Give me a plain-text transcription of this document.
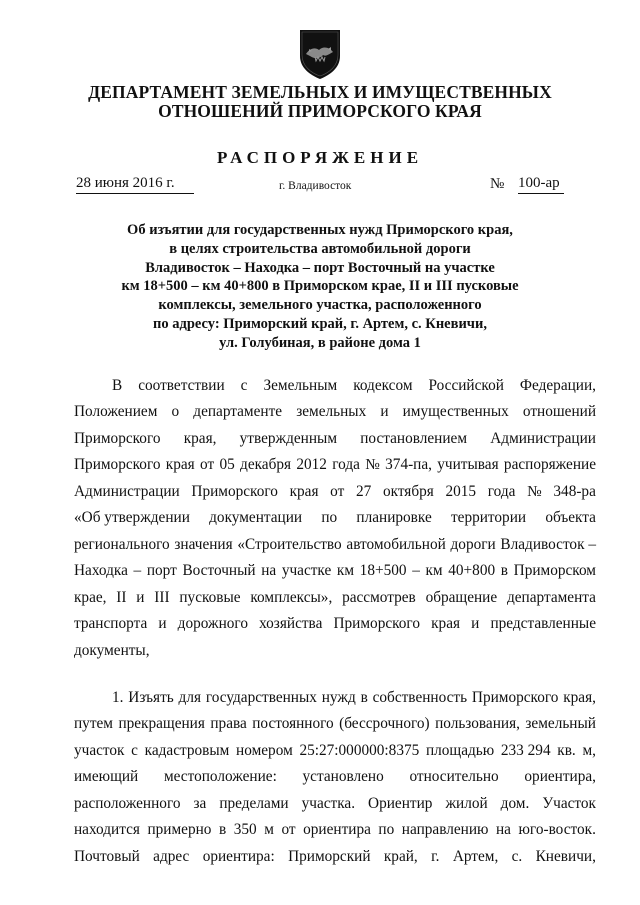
ДЕПАРТАМЕНТ ЗЕМЕЛЬНЫХ И ИМУЩЕСТВЕННЫХ
ОТНОШЕНИЙ ПРИМОРСКОГО КРАЯ
РАСПОРЯЖЕНИЕ
28 июня 2016 г.	г. Владивосток	№ 100-ар
Об изъятии для государственных нужд Приморского края,
в целях строительства автомобильной дороги
Владивосток – Находка – порт Восточный на участке
км 18+500 – км 40+800 в Приморском крае, II и III пусковые
комплексы, земельного участка, расположенного
по адресу: Приморский край, г. Артем, с. Кневичи,
ул. Голубиная, в районе дома 1
В соответствии с Земельным кодексом Российской Федерации,
Положением о департаменте земельных и имущественных отношений
Приморского края, утвержденным постановлением Администрации
Приморского края от 05 декабря 2012 года № 374-па, учитывая распоряжение
Администрации Приморского края от 27 октября 2015 года № 348-ра
«Об утверждении документации по планировке территории объекта
регионального значения «Строительство автомобильной дороги Владивосток –
Находка – порт Восточный на участке км 18+500 – км 40+800 в Приморском
крае, II и III пусковые комплексы», рассмотрев обращение департамента
транспорта и дорожного хозяйства Приморского края и представленные
документы,
1. Изъять для государственных нужд в собственность Приморского края,
путем прекращения права постоянного (бессрочного) пользования, земельный
участок с кадастровым номером 25:27:000000:8375 площадью 233 294 кв. м,
имеющий местоположение: установлено относительно ориентира,
расположенного за пределами участка. Ориентир жилой дом. Участок
находится примерно в 350 м от ориентира по направлению на юго-восток.
Почтовый адрес ориентира: Приморский край, г. Артем, с. Кневичи,
